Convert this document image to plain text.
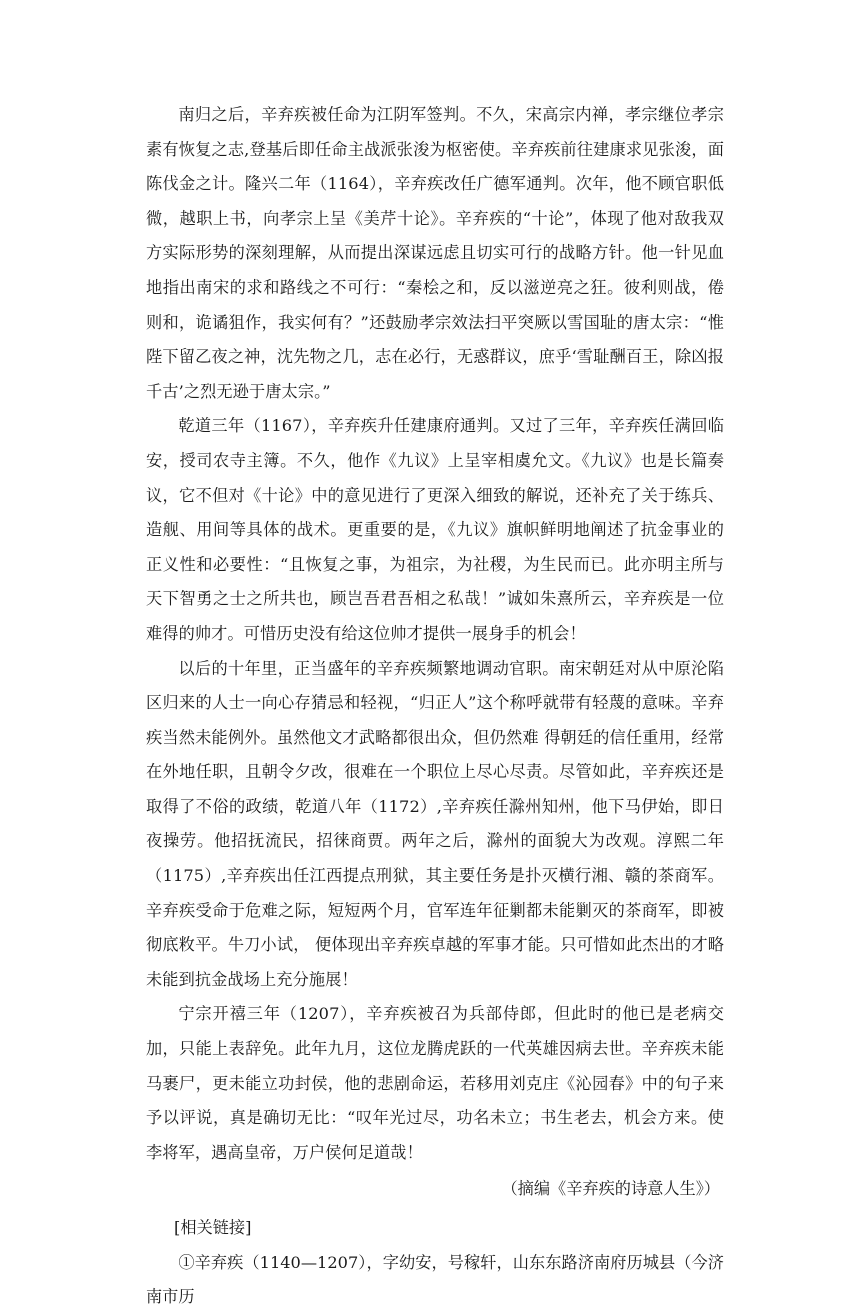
南归之后，辛弃疾被任命为江阴军签判。不久，宋高宗内禅，孝宗继位孝宗素有恢复之志,登基后即任命主战派张浚为枢密使。辛弃疾前往建康求见张浚，面陈伐金之计。隆兴二年（1164），辛弃疾改任广德军通判。次年，他不顾官职低微，越职上书，向孝宗上呈《美芹十论》。辛弃疾的“十论”，体现了他对敌我双方实际形势的深刻理解，从而提出深谋远虑且切实可行的战略方针。他一针见血地指出南宋的求和路线之不可行：“秦桧之和，反以滋逆亮之狂。彼利则战，倦则和，诡谲狙作，我实何有？”还鼓励孝宗效法扫平突厥以雪国耻的唐太宗：“惟陛下留乙夜之神，沈先物之几，志在必行，无惑群议，庶乎‘雪耻酬百王，除凶报千古’之烈无逊于唐太宗。”

乾道三年（1167），辛弃疾升任建康府通判。又过了三年，辛弃疾任满回临安，授司农寺主簿。不久，他作《九议》上呈宰相虞允文。《九议》也是长篇奏议，它不但对《十论》中的意见进行了更深入细致的解说，还补充了关于练兵、造舰、用间等具体的战术。更重要的是，《九议》旗帜鲜明地阐述了抗金事业的正义性和必要性：“且恢复之事，为祖宗，为社稷，为生民而已。此亦明主所与天下智勇之士之所共也，顾岂吾君吾相之私哉！”诚如朱熹所云，辛弃疾是一位难得的帅才。可惜历史没有给这位帅才提供一展身手的机会！

以后的十年里，正当盛年的辛弃疾频繁地调动官职。南宋朝廷对从中原沦陷区归来的人士一向心存猜忌和轻视，“归正人”这个称呼就带有轻蔑的意味。辛弃疾当然未能例外。虽然他文才武略都很出众，但仍然难 得朝廷的信任重用，经常在外地任职，且朝令夕改，很难在一个职位上尽心尽责。尽管如此，辛弃疾还是取得了不俗的政绩，乾道八年（1172）,辛弃疾任滁州知州，他下马伊始，即日夜操劳。他招抚流民，招徕商贾。两年之后，滁州的面貌大为改观。淳熙二年（1175）,辛弃疾出任江西提点刑狱，其主要任务是扑灭横行湘、赣的茶商军。辛弃疾受命于危难之际，短短两个月，官军连年征剿都未能剿灭的茶商军，即被彻底敉平。牛刀小试， 便体现出辛弃疾卓越的军事才能。只可惜如此杰出的才略未能到抗金战场上充分施展！

宁宗开禧三年（1207），辛弃疾被召为兵部侍郎，但此时的他已是老病交加，只能上表辞免。此年九月，这位龙腾虎跃的一代英雄因病去世。辛弃疾未能马裹尸，更未能立功封侯，他的悲剧命运，若移用刘克庄《沁园春》中的句子来予以评说，真是确切无比：“叹年光过尽，功名未立；书生老去，机会方来。使李将军，遇高皇帝，万户侯何足道哉！

（摘编《辛弃疾的诗意人生》）

[相关链接]

①辛弃疾（1140—1207），字幼安，号稼轩，山东东路济南府历城县（今济南市历
